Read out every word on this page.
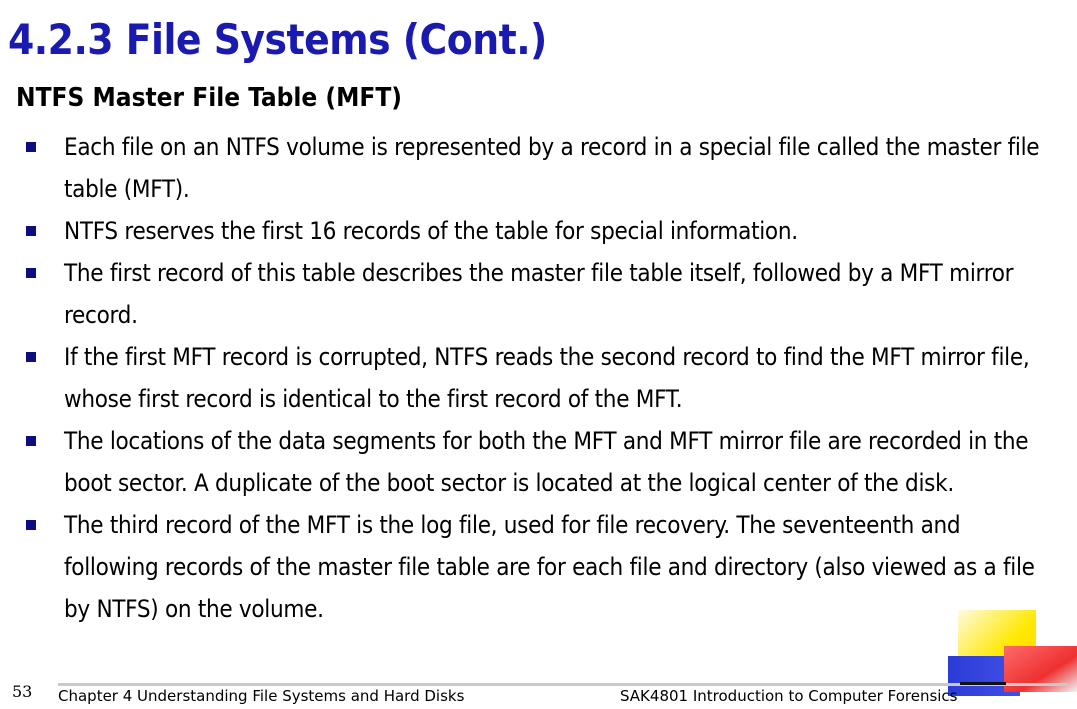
4.2.3 File Systems (Cont.)
NTFS Master File Table (MFT)
Each file on an NTFS volume is represented by a record in a special file called the master file table (MFT).
NTFS reserves the first 16 records of the table for special information.
The first record of this table describes the master file table itself, followed by a MFT mirror record.
If the first MFT record is corrupted, NTFS reads the second record to find the MFT mirror file, whose first record is identical to the first record of the MFT.
The locations of the data segments for both the MFT and MFT mirror file are recorded in the boot sector. A duplicate of the boot sector is located at the logical center of the disk.
The third record of the MFT is the log file, used for file recovery. The seventeenth and following records of the master file table are for each file and directory (also viewed as a file by NTFS) on the volume.
53 Chapter 4 Understanding File Systems and Hard Disks	SAK4801 Introduction to Computer Forensics
